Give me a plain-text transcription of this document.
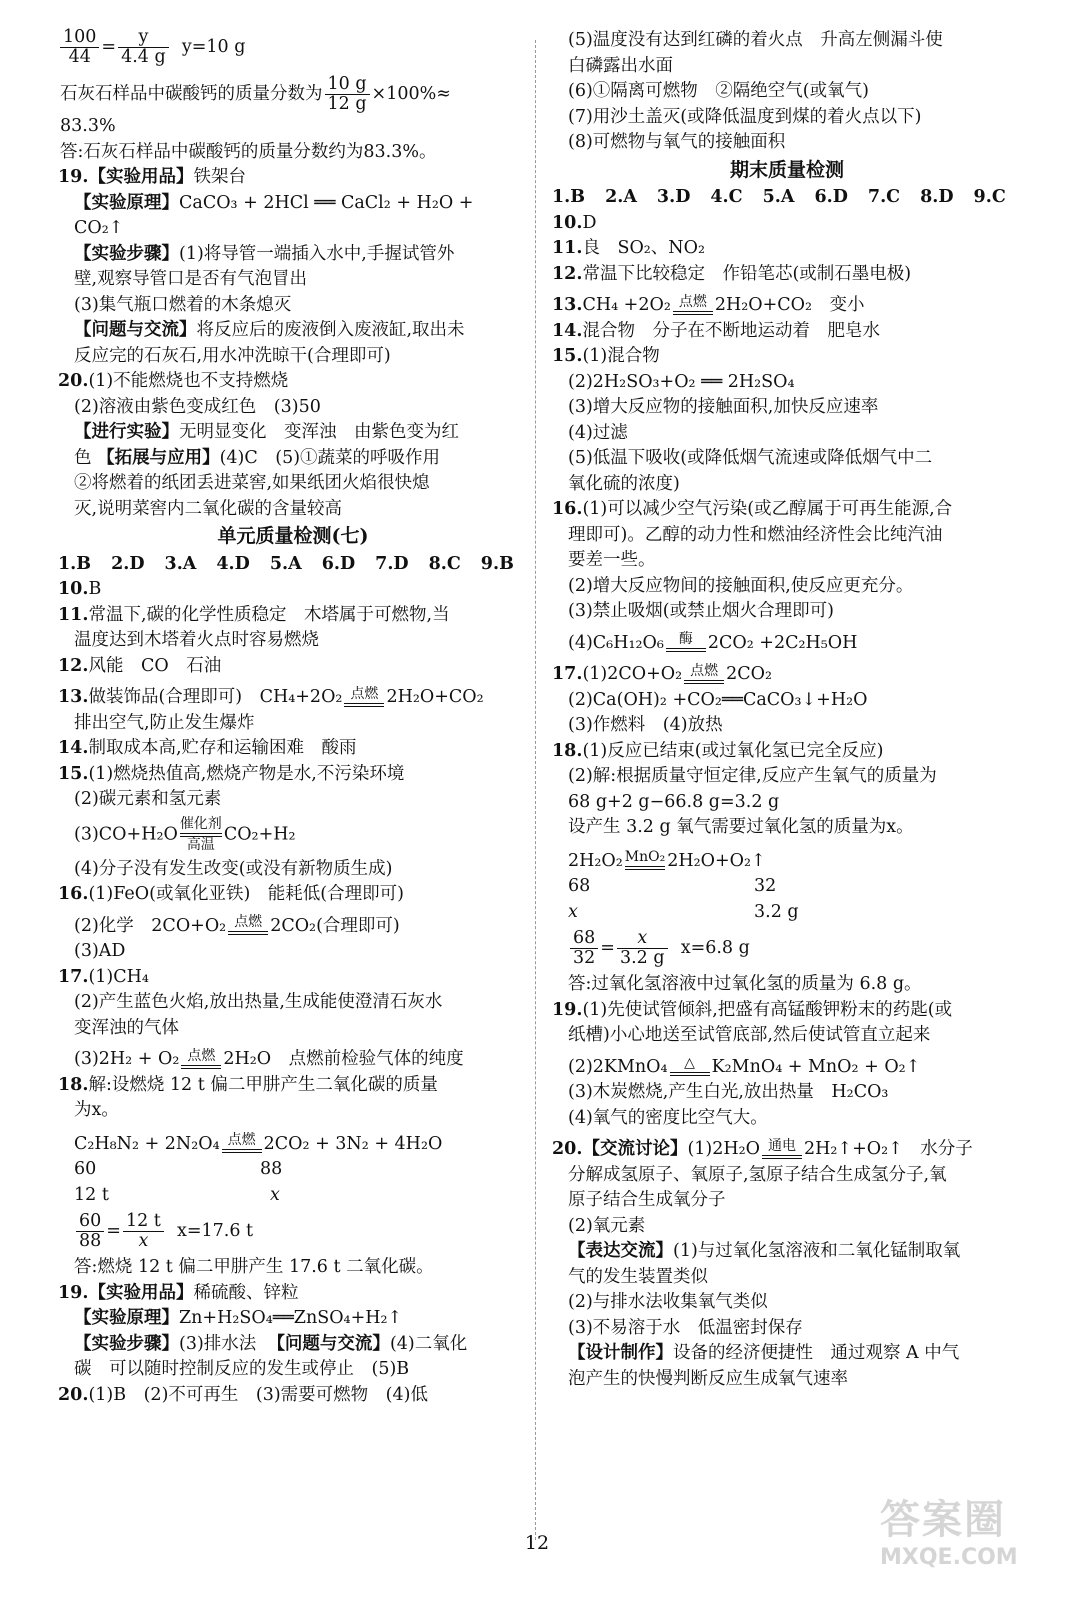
$\frac{100}{44} = \frac{y}{4.4 g} y=10$ g
石灰石样品中碳酸钙的质量分数为 $\frac{10 g}{12 g} \times 100\%\approx$
83.3%
答:石灰石样品中碳酸钙的质量分数约为83.3%。
19.【实验用品】铁架台
【实验原理】CaCO₃ + 2HCl ══ CaCl₂ + H₂O +
CO₂↑
【实验步骤】(1)将导管一端插入水中,手握试管外
壁,观察导管口是否有气泡冒出
(3)集气瓶口燃着的木条熄灭
【问题与交流】将反应后的废液倒入废液缸,取出未
反应完的石灰石,用水冲洗晾干(合理即可)
20.(1)不能燃烧也不支持燃烧
(2)溶液由紫色变成红色　(3)50
【进行实验】无明显变化　变浑浊　由紫色变为红
色 【拓展与应用】(4)C　(5)①蔬菜的呼吸作用
②将燃着的纸团丢进菜窖,如果纸团火焰很快熄
灭,说明菜窖内二氧化碳的含量较高
单元质量检测(七)
1.B 2.D 3.A 4.D 5.A 6.D 7.D 8.C 9.B
10.B
11.常温下,碳的化学性质稳定　木塔属于可燃物,当
温度达到木塔着火点时容易燃烧
12.风能　CO　石油
13.做装饰品(合理即可)　CH₄+2O₂ 点燃 2H₂O+CO₂
排出空气,防止发生爆炸
14.制取成本高,贮存和运输困难　酸雨
15.(1)燃烧热值高,燃烧产物是水,不污染环境
(2)碳元素和氢元素
(3)CO+H₂O
催化剂
高温
CO₂+H₂
(4)分子没有发生改变(或没有新物质生成)
16.(1)FeO(或氧化亚铁)　能耗低(合理即可)
(2)化学　2CO+O₂ 点燃 2CO₂(合理即可)
(3)AD
17.(1)CH₄
(2)产生蓝色火焰,放出热量,生成能使澄清石灰水
变浑浊的气体
(3)2H₂ + O₂ 点燃 2H₂O　点燃前检验气体的纯度
18.解:设燃烧 12 t 偏二甲肼产生二氧化碳的质量
为x。
C₂H₈N₂ + 2N₂O₄ 点燃 2CO₂ + 3N₂ + 4H₂O
60	88
12 t	x
$\frac{60}{88} = \frac{12 t}{x} x=17.6$ t
答:燃烧 12 t 偏二甲肼产生 17.6 t 二氧化碳。
19.【实验用品】稀硫酸、锌粒
【实验原理】Zn+H₂SO₄══ZnSO₄+H₂↑
【实验步骤】(3)排水法 【问题与交流】(4)二氧化
碳　可以随时控制反应的发生或停止　(5)B
20.(1)B　(2)不可再生　(3)需要可燃物　(4)低
(5)温度没有达到红磷的着火点　升高左侧漏斗使
白磷露出水面
(6)①隔离可燃物　②隔绝空气(或氧气)
(7)用沙土盖灭(或降低温度到煤的着火点以下)
(8)可燃物与氧气的接触面积
期末质量检测
1.B 2.A 3.D 4.C 5.A 6.D 7.C 8.D 9.C
10.D
11.良　SO₂、NO₂
12.常温下比较稳定　作铅笔芯(或制石墨电极)
13.CH₄ +2O₂ 点燃 2H₂O+CO₂　变小
14.混合物　分子在不断地运动着　肥皂水
15.(1)混合物
(2)2H₂SO₃+O₂ ══ 2H₂SO₄
(3)增大反应物的接触面积,加快反应速率
(4)过滤
(5)低温下吸收(或降低烟气流速或降低烟气中二
氧化硫的浓度)
16.(1)可以减少空气污染(或乙醇属于可再生能源,合
理即可)。乙醇的动力性和燃油经济性会比纯汽油
要差一些。
(2)增大反应物间的接触面积,使反应更充分。
(3)禁止吸烟(或禁止烟火合理即可)
(4)C₆H₁₂O₆	酶 2CO₂ +2C₂H₅OH
17.(1)2CO+O₂ 点燃 2CO₂
(2)Ca(OH)₂ +CO₂══CaCO₃↓+H₂O
(3)作燃料　(4)放热
18.(1)反应已结束(或过氧化氢已完全反应)
(2)解:根据质量守恒定律,反应产生氧气的质量为
68 g+2 g−66.8 g=3.2 g
设产生 3.2 g 氧气需要过氧化氢的质量为x。
2H₂O₂ MnO₂ 2H₂O+O₂↑
68	32
x	3.2 g
$\frac{68}{32} = \frac{x}{3.2 g} x=6.8$ g
答:过氧化氢溶液中过氧化氢的质量为 6.8 g。
19.(1)先使试管倾斜,把盛有高锰酸钾粉末的药匙(或
纸槽)小心地送至试管底部,然后使试管直立起来
(2)2KMnO₄	△ K₂MnO₄ + MnO₂ + O₂↑
(3)木炭燃烧,产生白光,放出热量　H₂CO₃
(4)氧气的密度比空气大。
20.【交流讨论】(1)2H₂O 通电 2H₂↑+O₂↑　水分子
分解成氢原子、氧原子,氢原子结合生成氢分子,氧
原子结合生成氧分子
(2)氧元素
【表达交流】(1)与过氧化氢溶液和二氧化锰制取氧
气的发生装置类似
(2)与排水法收集氧气类似
(3)不易溶于水　低温密封保存
【设计制作】设备的经济便捷性　通过观察 A 中气
泡产生的快慢判断反应生成氧气速率
12	答案圈
MXQE.COM
